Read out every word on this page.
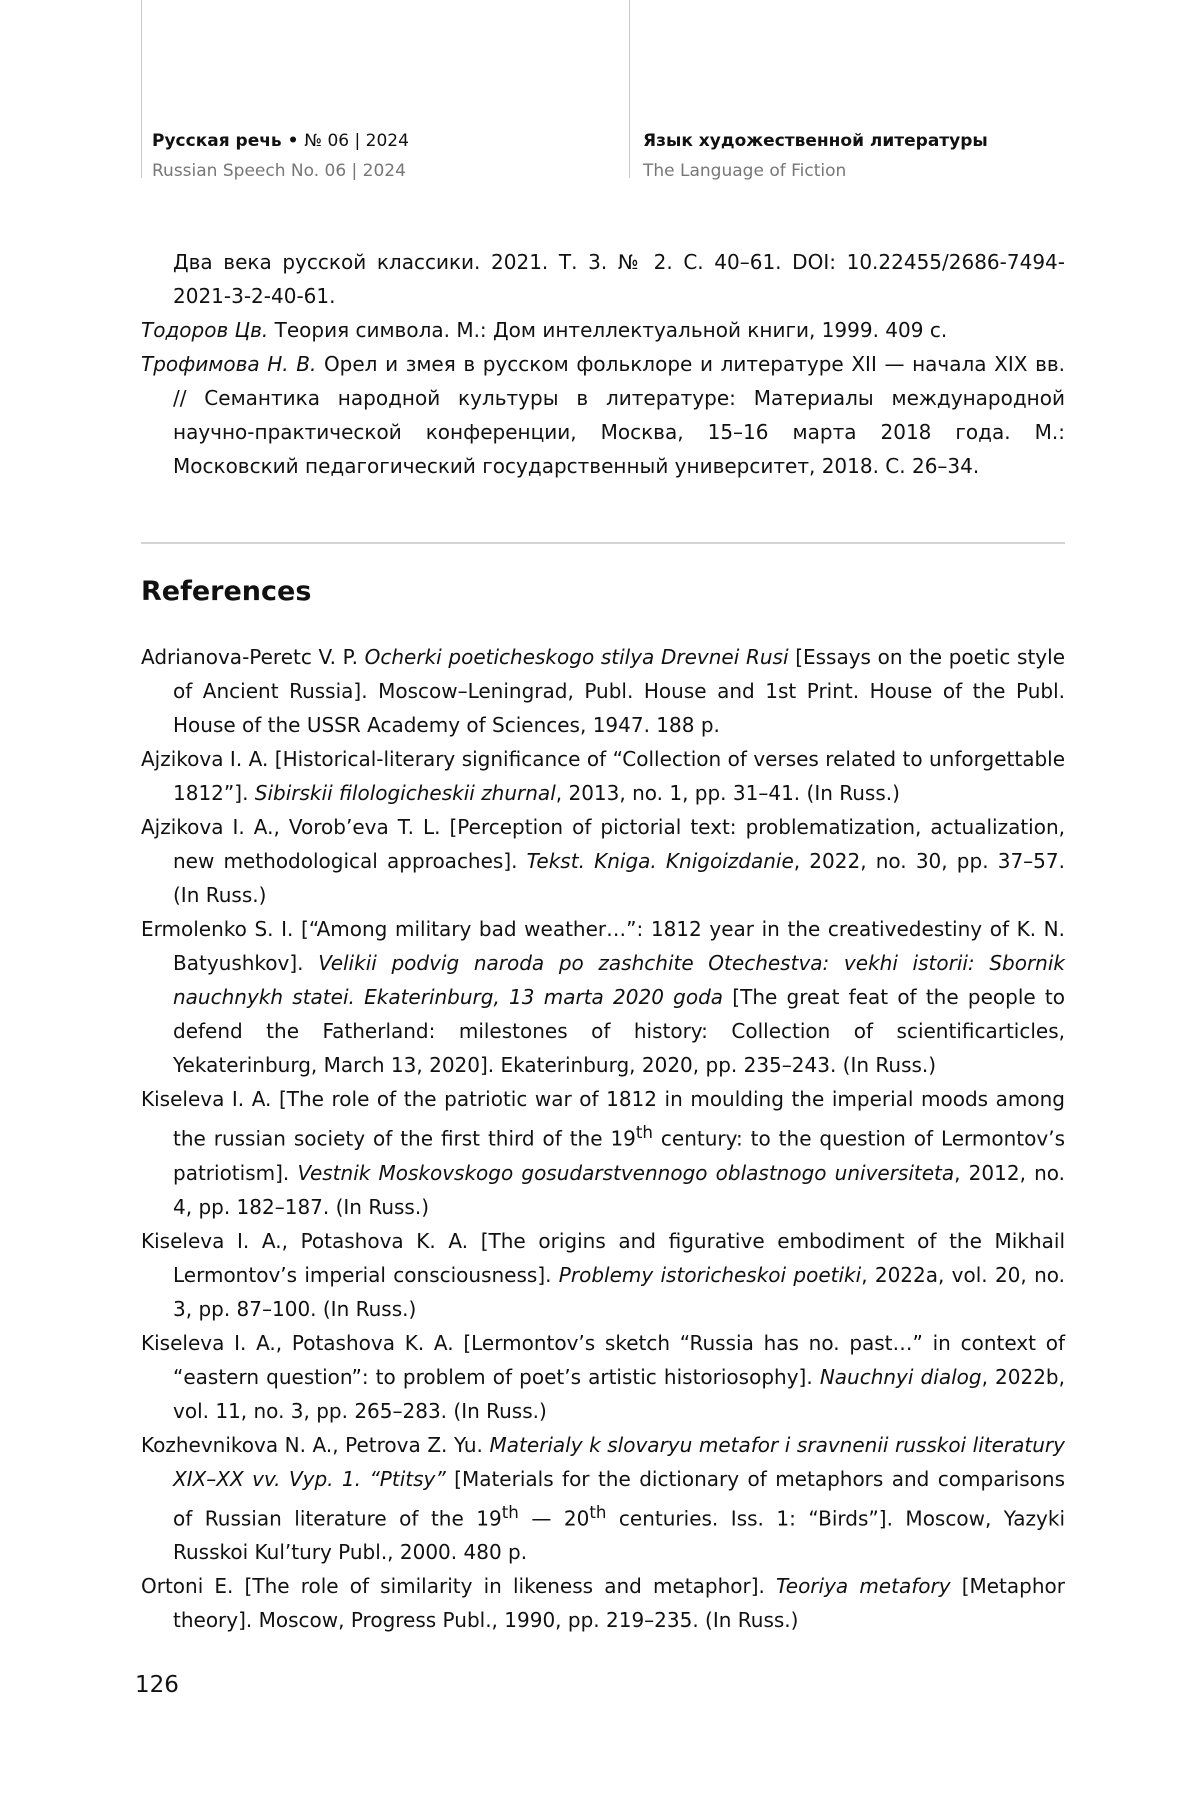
Русская речь • № 06 | 2024
Russian Speech No. 06 | 2024
Язык художественной литературы
The Language of Fiction

Два века русской классики. 2021. Т. 3. № 2. С. 40–61. DOI: 10.22455/2686-7494-2021-3-2-40-61.

Тодоров Цв. Теория символа. М.: Дом интеллектуальной книги, 1999. 409 с.

Трофимова Н. В. Орел и змея в русском фольклоре и литературе XII — начала XIX вв. // Семантика народной культуры в литературе: Материалы международной научно-практической конференции, Москва, 15–16 марта 2018 года. М.: Московский педагогический государственный университет, 2018. С. 26–34.

References

Adrianova-Peretc V. P. Ocherki poeticheskogo stilya Drevnei Rusi [Essays on the poetic style of Ancient Russia]. Moscow–Leningrad, Publ. House and 1st Print. House of the Publ. House of the USSR Academy of Sciences, 1947. 188 p.

Ajzikova I. A. [Historical-literary significance of “Collection of verses related to unforgettable 1812”]. Sibirskii filologicheskii zhurnal, 2013, no. 1, pp. 31–41. (In Russ.)

Ajzikova I. A., Vorob’eva T. L. [Perception of pictorial text: problematization, actualization, new methodological approaches]. Tekst. Kniga. Knigoizdanie, 2022, no. 30, pp. 37–57. (In Russ.)

Ermolenko S. I. [“Among military bad weather…”: 1812 year in the creativedestiny of K. N. Batyushkov]. Velikii podvig naroda po zashchite Otechestva: vekhi istorii: Sbornik nauchnykh statei. Ekaterinburg, 13 marta 2020 goda [The great feat of the people to defend the Fatherland: milestones of history: Collection of scientificarticles, Yekaterinburg, March 13, 2020]. Ekaterinburg, 2020, pp. 235–243. (In Russ.)

Kiseleva I. A. [The role of the patriotic war of 1812 in moulding the imperial moods among the russian society of the first third of the 19th century: to the question of Lermontov’s patriotism]. Vestnik Moskovskogo gosudarstvennogo oblastnogo universiteta, 2012, no. 4, pp. 182–187. (In Russ.)

Kiseleva I. A., Potashova K. A. [The origins and figurative embodiment of the Mikhail Lermontov’s imperial consciousness]. Problemy istoricheskoi poetiki, 2022a, vol. 20, no. 3, pp. 87–100. (In Russ.)

Kiseleva I. A., Potashova K. A. [Lermontov’s sketch “Russia has no. past…” in context of “eastern question”: to problem of poet’s artistic historiosophy]. Nauchnyi dialog, 2022b, vol. 11, no. 3, pp. 265–283. (In Russ.)

Kozhevnikova N. A., Petrova Z. Yu. Materialy k slovaryu metafor i sravnenii russkoi literatury XIX–XX vv. Vyp. 1. “Ptitsy” [Materials for the dictionary of metaphors and comparisons of Russian literature of the 19th — 20th centuries. Iss. 1: “Birds”]. Moscow, Yazyki Russkoi Kul’tury Publ., 2000. 480 p.

Ortoni E. [The role of similarity in likeness and metaphor]. Teoriya metafory [Metaphor theory]. Moscow, Progress Publ., 1990, pp. 219–235. (In Russ.)

126
